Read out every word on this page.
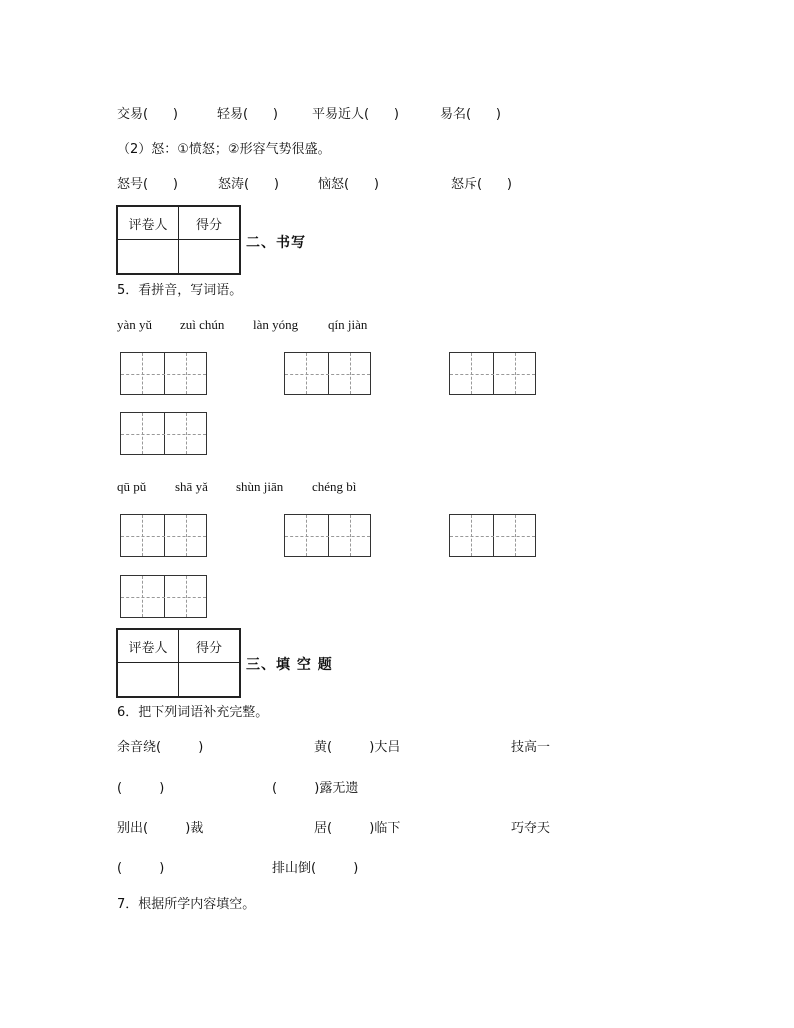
交易(      )	轻易(      )	平易近人(      )	易名(      )
（2）怒：①愤怒；②形容气势很盛。
怒号(      )	怒涛(      )	恼怒(      )	怒斥(      )
评卷人	得分

二、书写
5．看拼音，写词语。
yàn yǔ zuì chún làn yóng qín jiàn
qū pǔ shā yǎ shùn jiān chéng bì
评卷人	得分

三、填 空 题
6．把下列词语补充完整。
余音绕(         )	黄(         )大吕	技高一
(         )	(         )露无遗
别出(         )裁	居(         )临下	巧夺天
(         )	排山倒(         )
7．根据所学内容填空。
